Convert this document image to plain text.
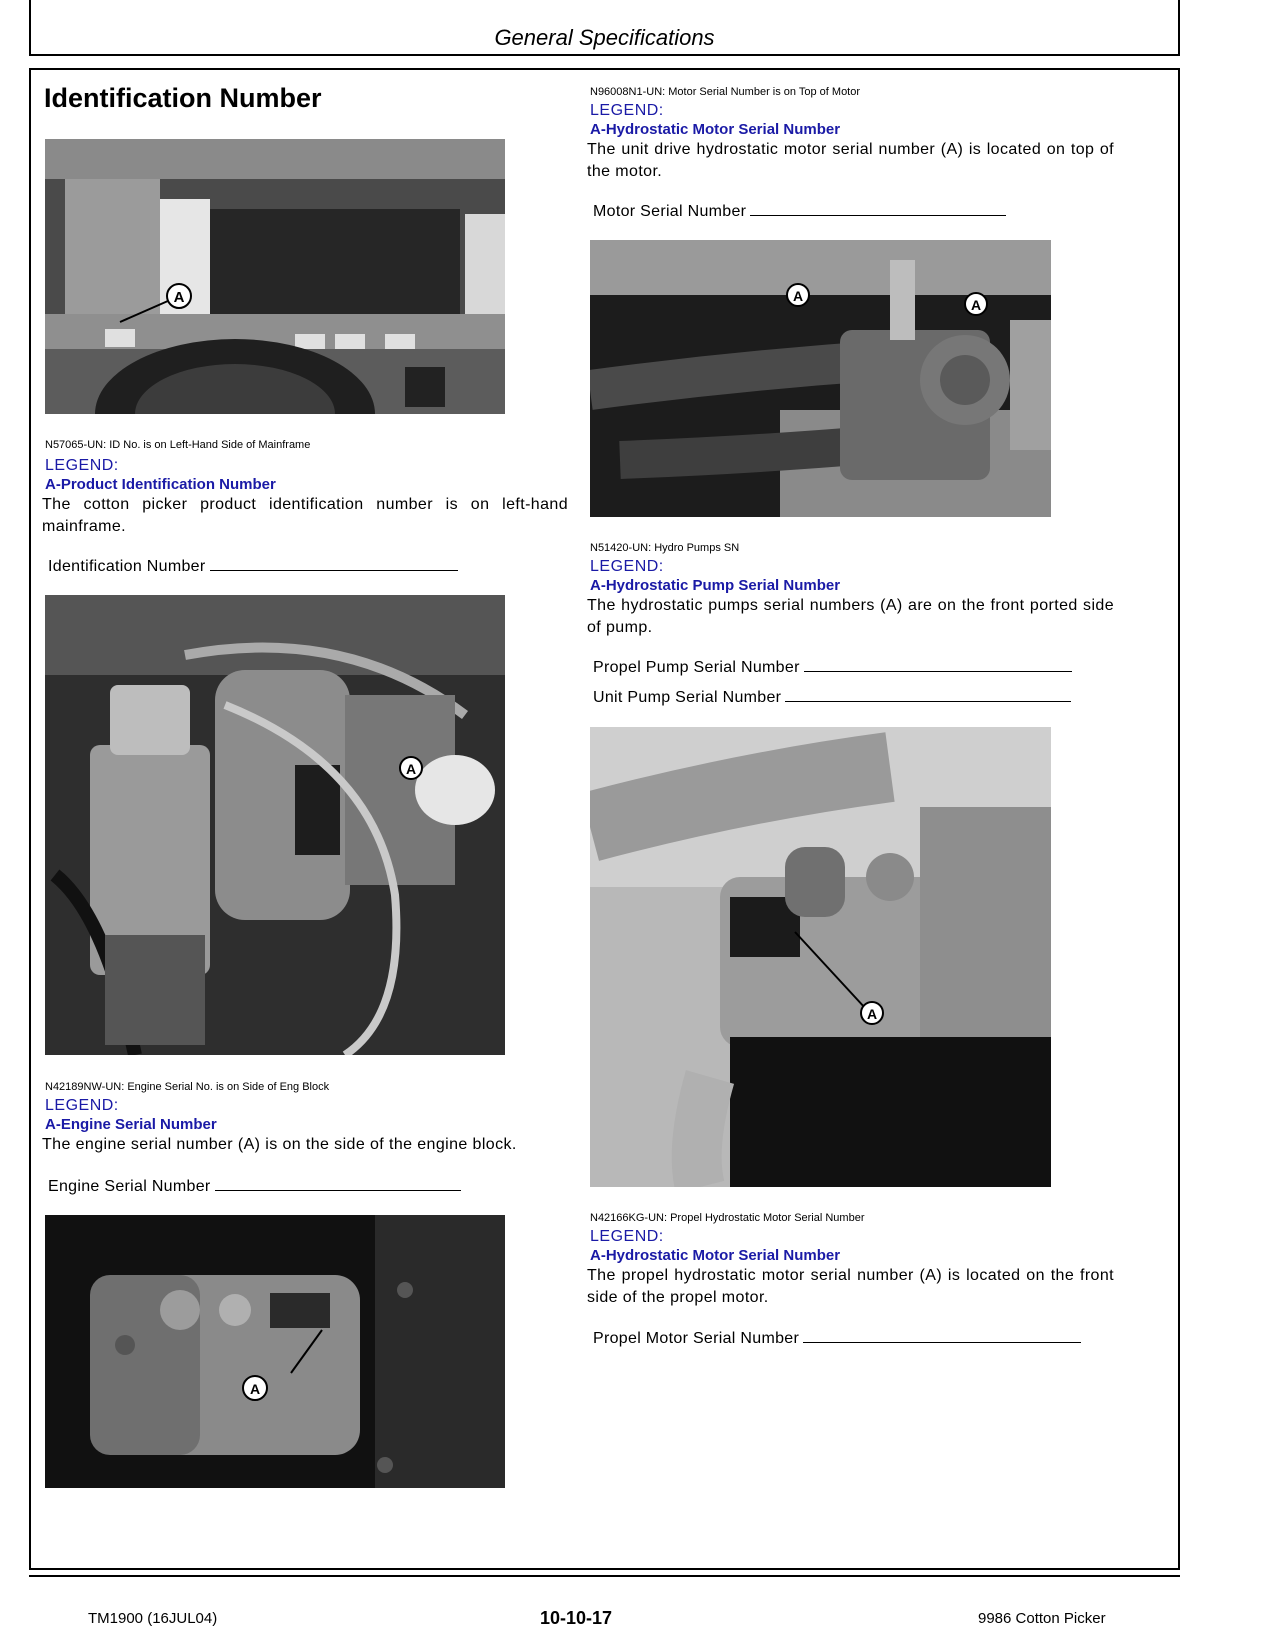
General Specifications
Identification Number
A
N57065-UN: ID No. is on Left-Hand Side of Mainframe
LEGEND:
A-Product Identification Number
The cotton picker product identification number is on left-hand mainframe.
Identification Number
A
N42189NW-UN: Engine Serial No. is on Side of Eng Block
LEGEND:
A-Engine Serial Number
The engine serial number (A) is on the side of the engine block.
Engine Serial Number
A
N96008N1-UN: Motor Serial Number is on Top of Motor
LEGEND:
A-Hydrostatic Motor Serial Number
The unit drive hydrostatic motor serial number (A) is located on top of the motor.
Motor Serial Number
A
A
N51420-UN: Hydro Pumps SN
LEGEND:
A-Hydrostatic Pump Serial Number
The hydrostatic pumps serial numbers (A) are on the front ported side of pump.
Propel Pump Serial Number
Unit Pump Serial Number
A
N42166KG-UN: Propel Hydrostatic Motor Serial Number
LEGEND:
A-Hydrostatic Motor Serial Number
The propel hydrostatic motor serial number (A) is located on the front side of the propel motor.
Propel Motor Serial Number
TM1900 (16JUL04)	10-10-17	9986 Cotton Picker
